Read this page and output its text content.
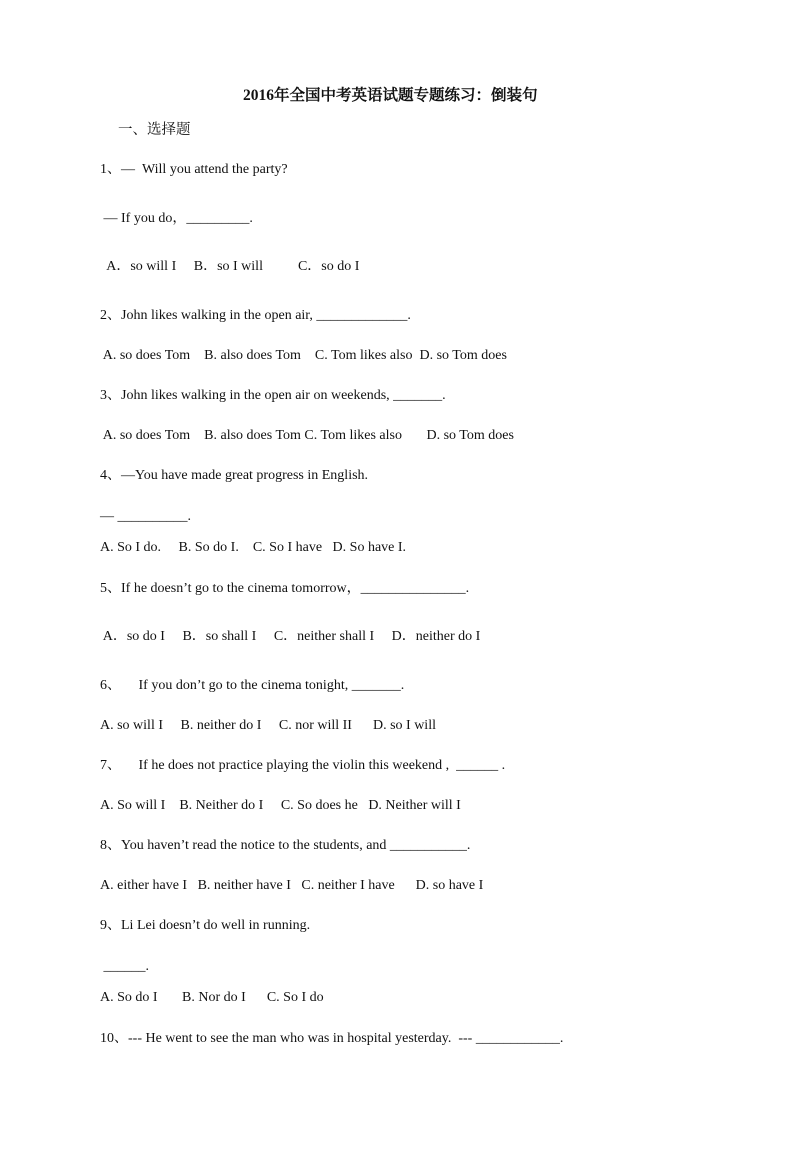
2016年全国中考英语试题专题练习：倒装句
一、选择题
1、—  Will you attend the party?
— If you do，_________.
A．so will I     B．so I will          C．so do I
2、John likes walking in the open air, _____________.
A. so does Tom    B. also does Tom    C. Tom likes also  D. so Tom does
3、John likes walking in the open air on weekends, _______.
A. so does Tom    B. also does Tom C. Tom likes also       D. so Tom does
4、—You have made great progress in English.
— __________.
A. So I do.     B. So do I.    C. So I have   D. So have I.
5、If he doesn’t go to the cinema tomorrow，_______________.
A．so do I     B．so shall I     C．neither shall I     D．neither do I
6、     If you don’t go to the cinema tonight, _______.
A. so will I     B. neither do I     C. nor will II      D. so I will
7、     If he does not practice playing the violin this weekend ,  ______ .
A. So will I    B. Neither do I     C. So does he   D. Neither will I
8、You haven’t read the notice to the students, and ___________.
A. either have I   B. neither have I   C. neither I have      D. so have I
9、Li Lei doesn’t do well in running.
______.
A. So do I       B. Nor do I      C. So I do
10、--- He went to see the man who was in hospital yesterday.  --- ____________.
